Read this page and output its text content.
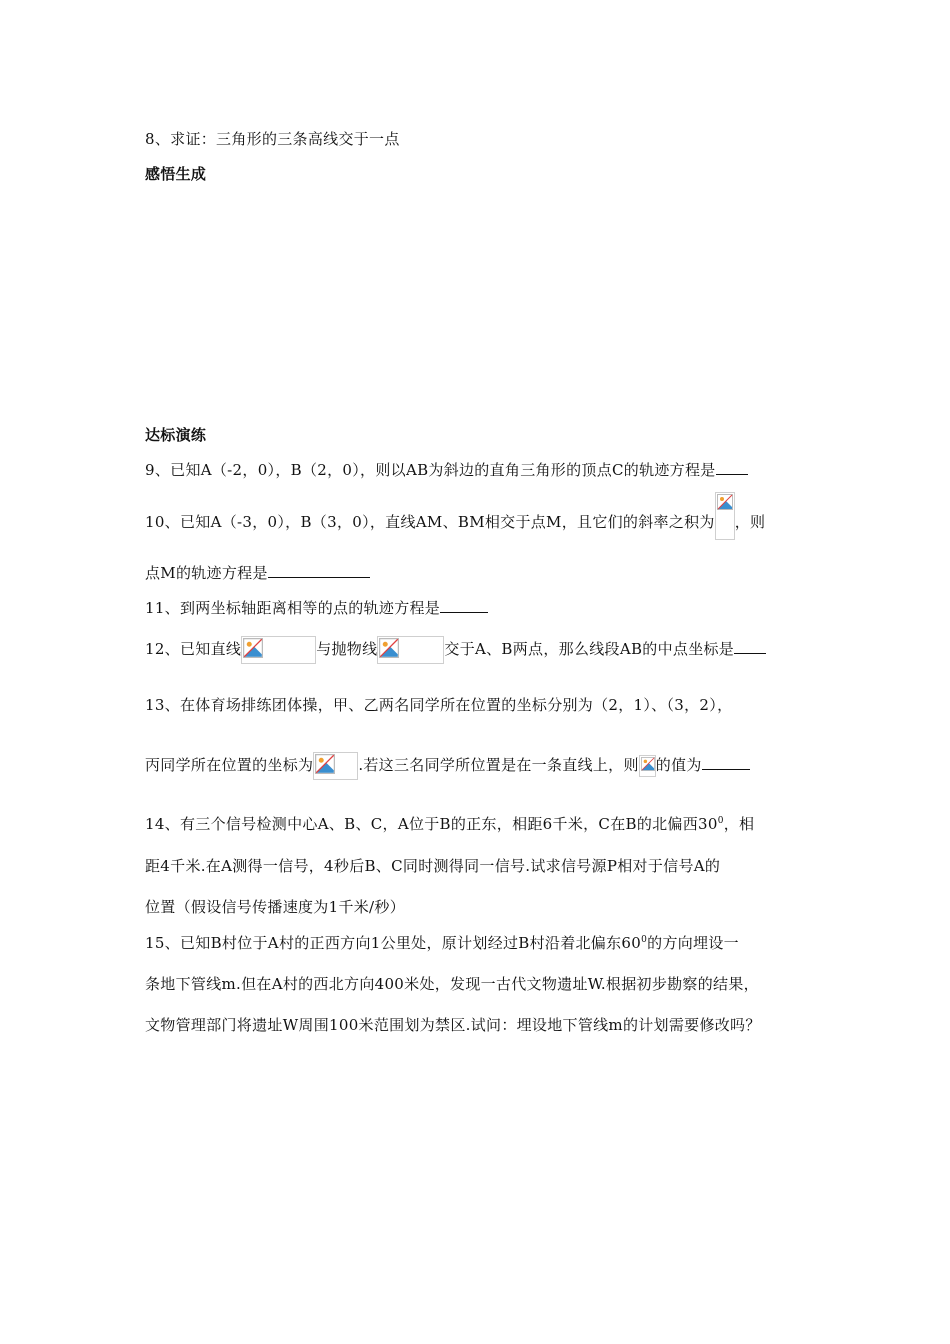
8、求证：三角形的三条高线交于一点
感悟生成
达标演练
9、已知A（-2，0），B（2，0），则以AB为斜边的直角三角形的顶点C的轨迹方程是
10、已知A（-3，0），B（3，0），直线AM、BM相交于点M，且它们的斜率之积为 ，则
点M的轨迹方程是
11、到两坐标轴距离相等的点的轨迹方程是
12、已知直线	与抛物线	交于A、B两点，那么线段AB的中点坐标是
13、在体育场排练团体操，甲、乙两名同学所在位置的坐标分别为（2，1）、（3，2），
丙同学所在位置的坐标为	.若这三名同学所位置是在一条直线上，则 的值为
14、有三个信号检测中心A、B、C，A位于B的正东，相距6千米，C在B的北偏西$30^0$，相
距4千米.在A测得一信号，4秒后B、C同时测得同一信号.试求信号源P相对于信号A的
位置（假设信号传播速度为1千米/秒）
15、已知B村位于A村的正西方向1公里处，原计划经过B村沿着北偏东$60^0$的方向埋设一
条地下管线m.但在A村的西北方向400米处，发现一古代文物遗址W.根据初步勘察的结果，
文物管理部门将遗址W周围100米范围划为禁区.试问：埋设地下管线m的计划需要修改吗？
